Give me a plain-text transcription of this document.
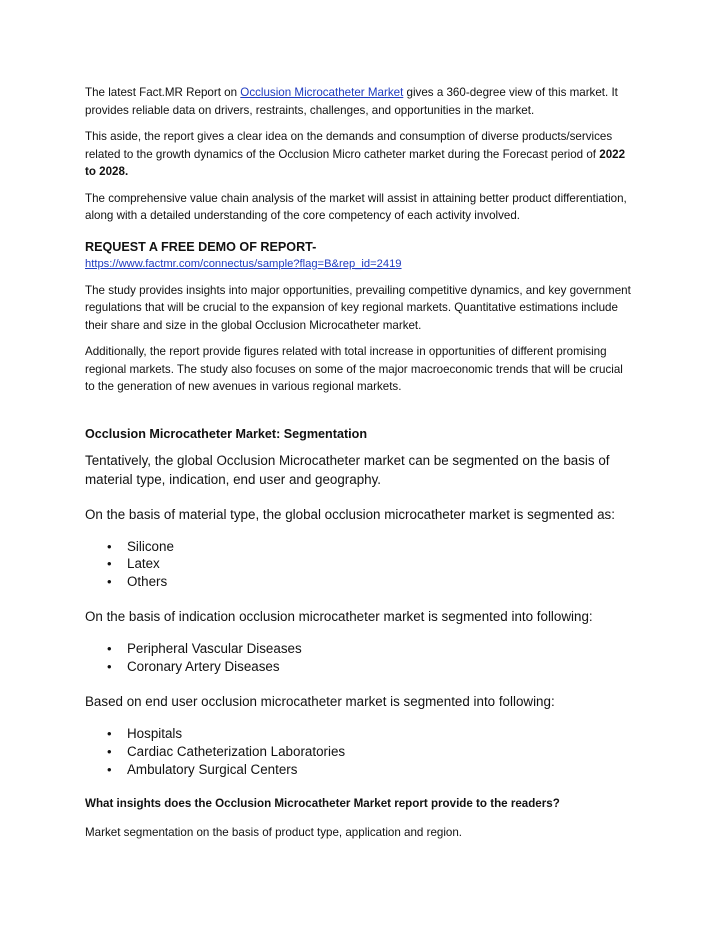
The latest Fact.MR Report on Occlusion Microcatheter Market gives a 360-degree view of this market. It provides reliable data on drivers, restraints, challenges, and opportunities in the market.

This aside, the report gives a clear idea on the demands and consumption of diverse products/services related to the growth dynamics of the Occlusion Micro catheter market during the Forecast period of 2022 to 2028.

The comprehensive value chain analysis of the market will assist in attaining better product differentiation, along with a detailed understanding of the core competency of each activity involved.

REQUEST A FREE DEMO OF REPORT-
https://www.factmr.com/connectus/sample?flag=B&rep_id=2419

The study provides insights into major opportunities, prevailing competitive dynamics, and key government regulations that will be crucial to the expansion of key regional markets. Quantitative estimations include their share and size in the global Occlusion Microcatheter market.

Additionally, the report provide figures related with total increase in opportunities of different promising regional markets. The study also focuses on some of the major macroeconomic trends that will be crucial to the generation of new avenues in various regional markets.

Occlusion Microcatheter Market: Segmentation

Tentatively, the global Occlusion Microcatheter market can be segmented on the basis of material type, indication, end user and geography.

On the basis of material type, the global occlusion microcatheter market is segmented as:

• Silicone
• Latex
• Others

On the basis of indication occlusion microcatheter market is segmented into following:

• Peripheral Vascular Diseases
• Coronary Artery Diseases

Based on end user occlusion microcatheter market is segmented into following:

• Hospitals
• Cardiac Catheterization Laboratories
• Ambulatory Surgical Centers
What insights does the Occlusion Microcatheter Market report provide to the readers?

Market segmentation on the basis of product type, application and region.
